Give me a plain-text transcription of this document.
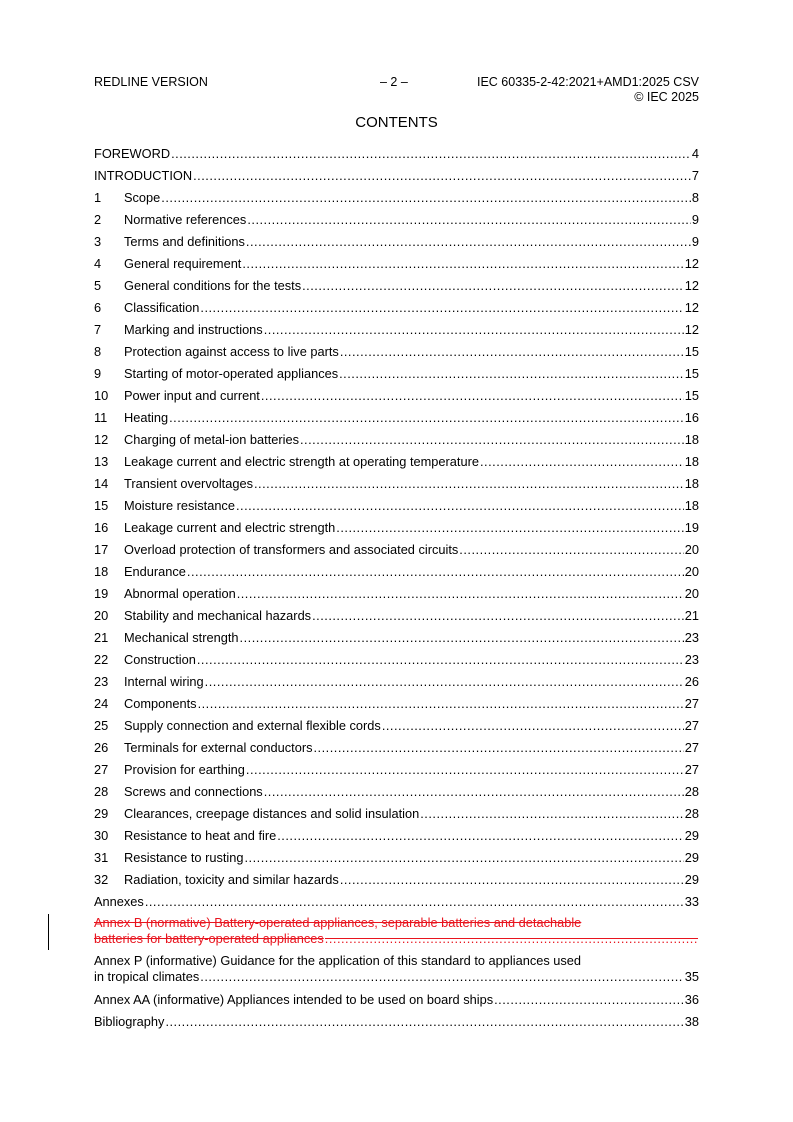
REDLINE VERSION	– 2 –	IEC 60335-2-42:2021+AMD1:2025 CSV
© IEC 2025
CONTENTS
FOREWORD .....	4
INTRODUCTION .....	7
1	Scope .....	8
2	Normative references .....	9
3	Terms and definitions .....	9
4	General requirement .....	12
5	General conditions for the tests .....	12
6	Classification .....	12
7	Marking and instructions .....	12
8	Protection against access to live parts .....	15
9	Starting of motor-operated appliances .....	15
10	Power input and current .....	15
11	Heating .....	16
12	Charging of metal-ion batteries .....	18
13	Leakage current and electric strength at operating temperature .....	18
14	Transient overvoltages .....	18
15	Moisture resistance .....	18
16	Leakage current and electric strength .....	19
17	Overload protection of transformers and associated circuits .....	20
18	Endurance .....	20
19	Abnormal operation .....	20
20	Stability and mechanical hazards .....	21
21	Mechanical strength .....	23
22	Construction .....	23
23	Internal wiring .....	26
24	Components .....	27
25	Supply connection and external flexible cords .....	27
26	Terminals for external conductors .....	27
27	Provision for earthing .....	27
28	Screws and connections .....	28
29	Clearances, creepage distances and solid insulation .....	28
30	Resistance to heat and fire .....	29
31	Resistance to rusting .....	29
32	Radiation, toxicity and similar hazards .....	29
Annexes .....	33
Annex B (normative) Battery-operated appliances, separable batteries and detachable
batteries for battery-operated appliances
.....
Annex P (informative) Guidance for the application of this standard to appliances used
in tropical climates .....	35
Annex AA (informative) Appliances intended to be used on board ships .....	36
Bibliography .....	38
